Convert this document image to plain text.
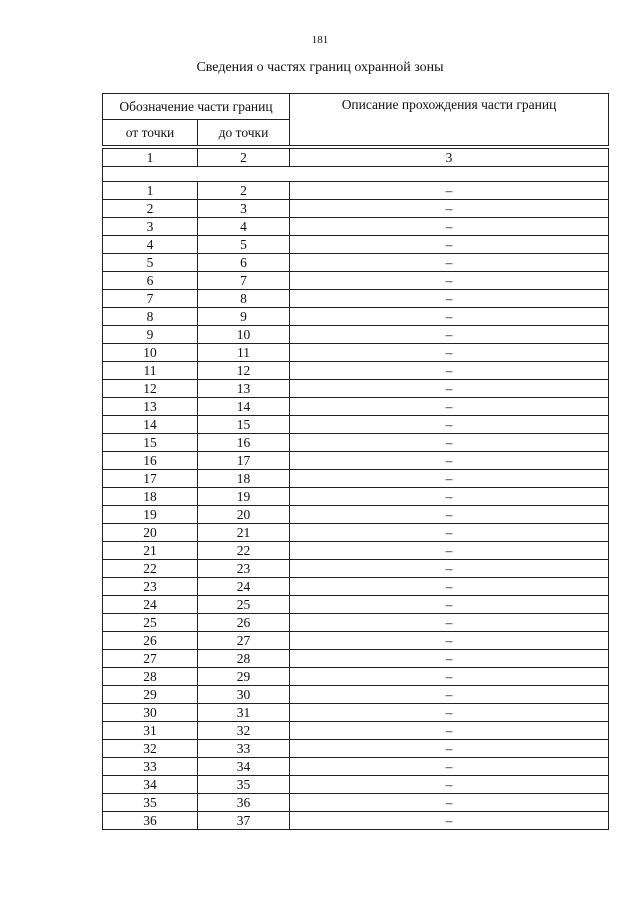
181
Сведения о частях границ охранной зоны
Обозначение части границ		Описание прохождения части границ
от точки	до точки	

1	2	3

1	2	–
2	3	–
3	4	–
4	5	–
5	6	–
6	7	–
7	8	–
8	9	–
9	10	–
10	11	–
11	12	–
12	13	–
13	14	–
14	15	–
15	16	–
16	17	–
17	18	–
18	19	–
19	20	–
20	21	–
21	22	–
22	23	–
23	24	–
24	25	–
25	26	–
26	27	–
27	28	–
28	29	–
29	30	–
30	31	–
31	32	–
32	33	–
33	34	–
34	35	–
35	36	–
36	37	–
